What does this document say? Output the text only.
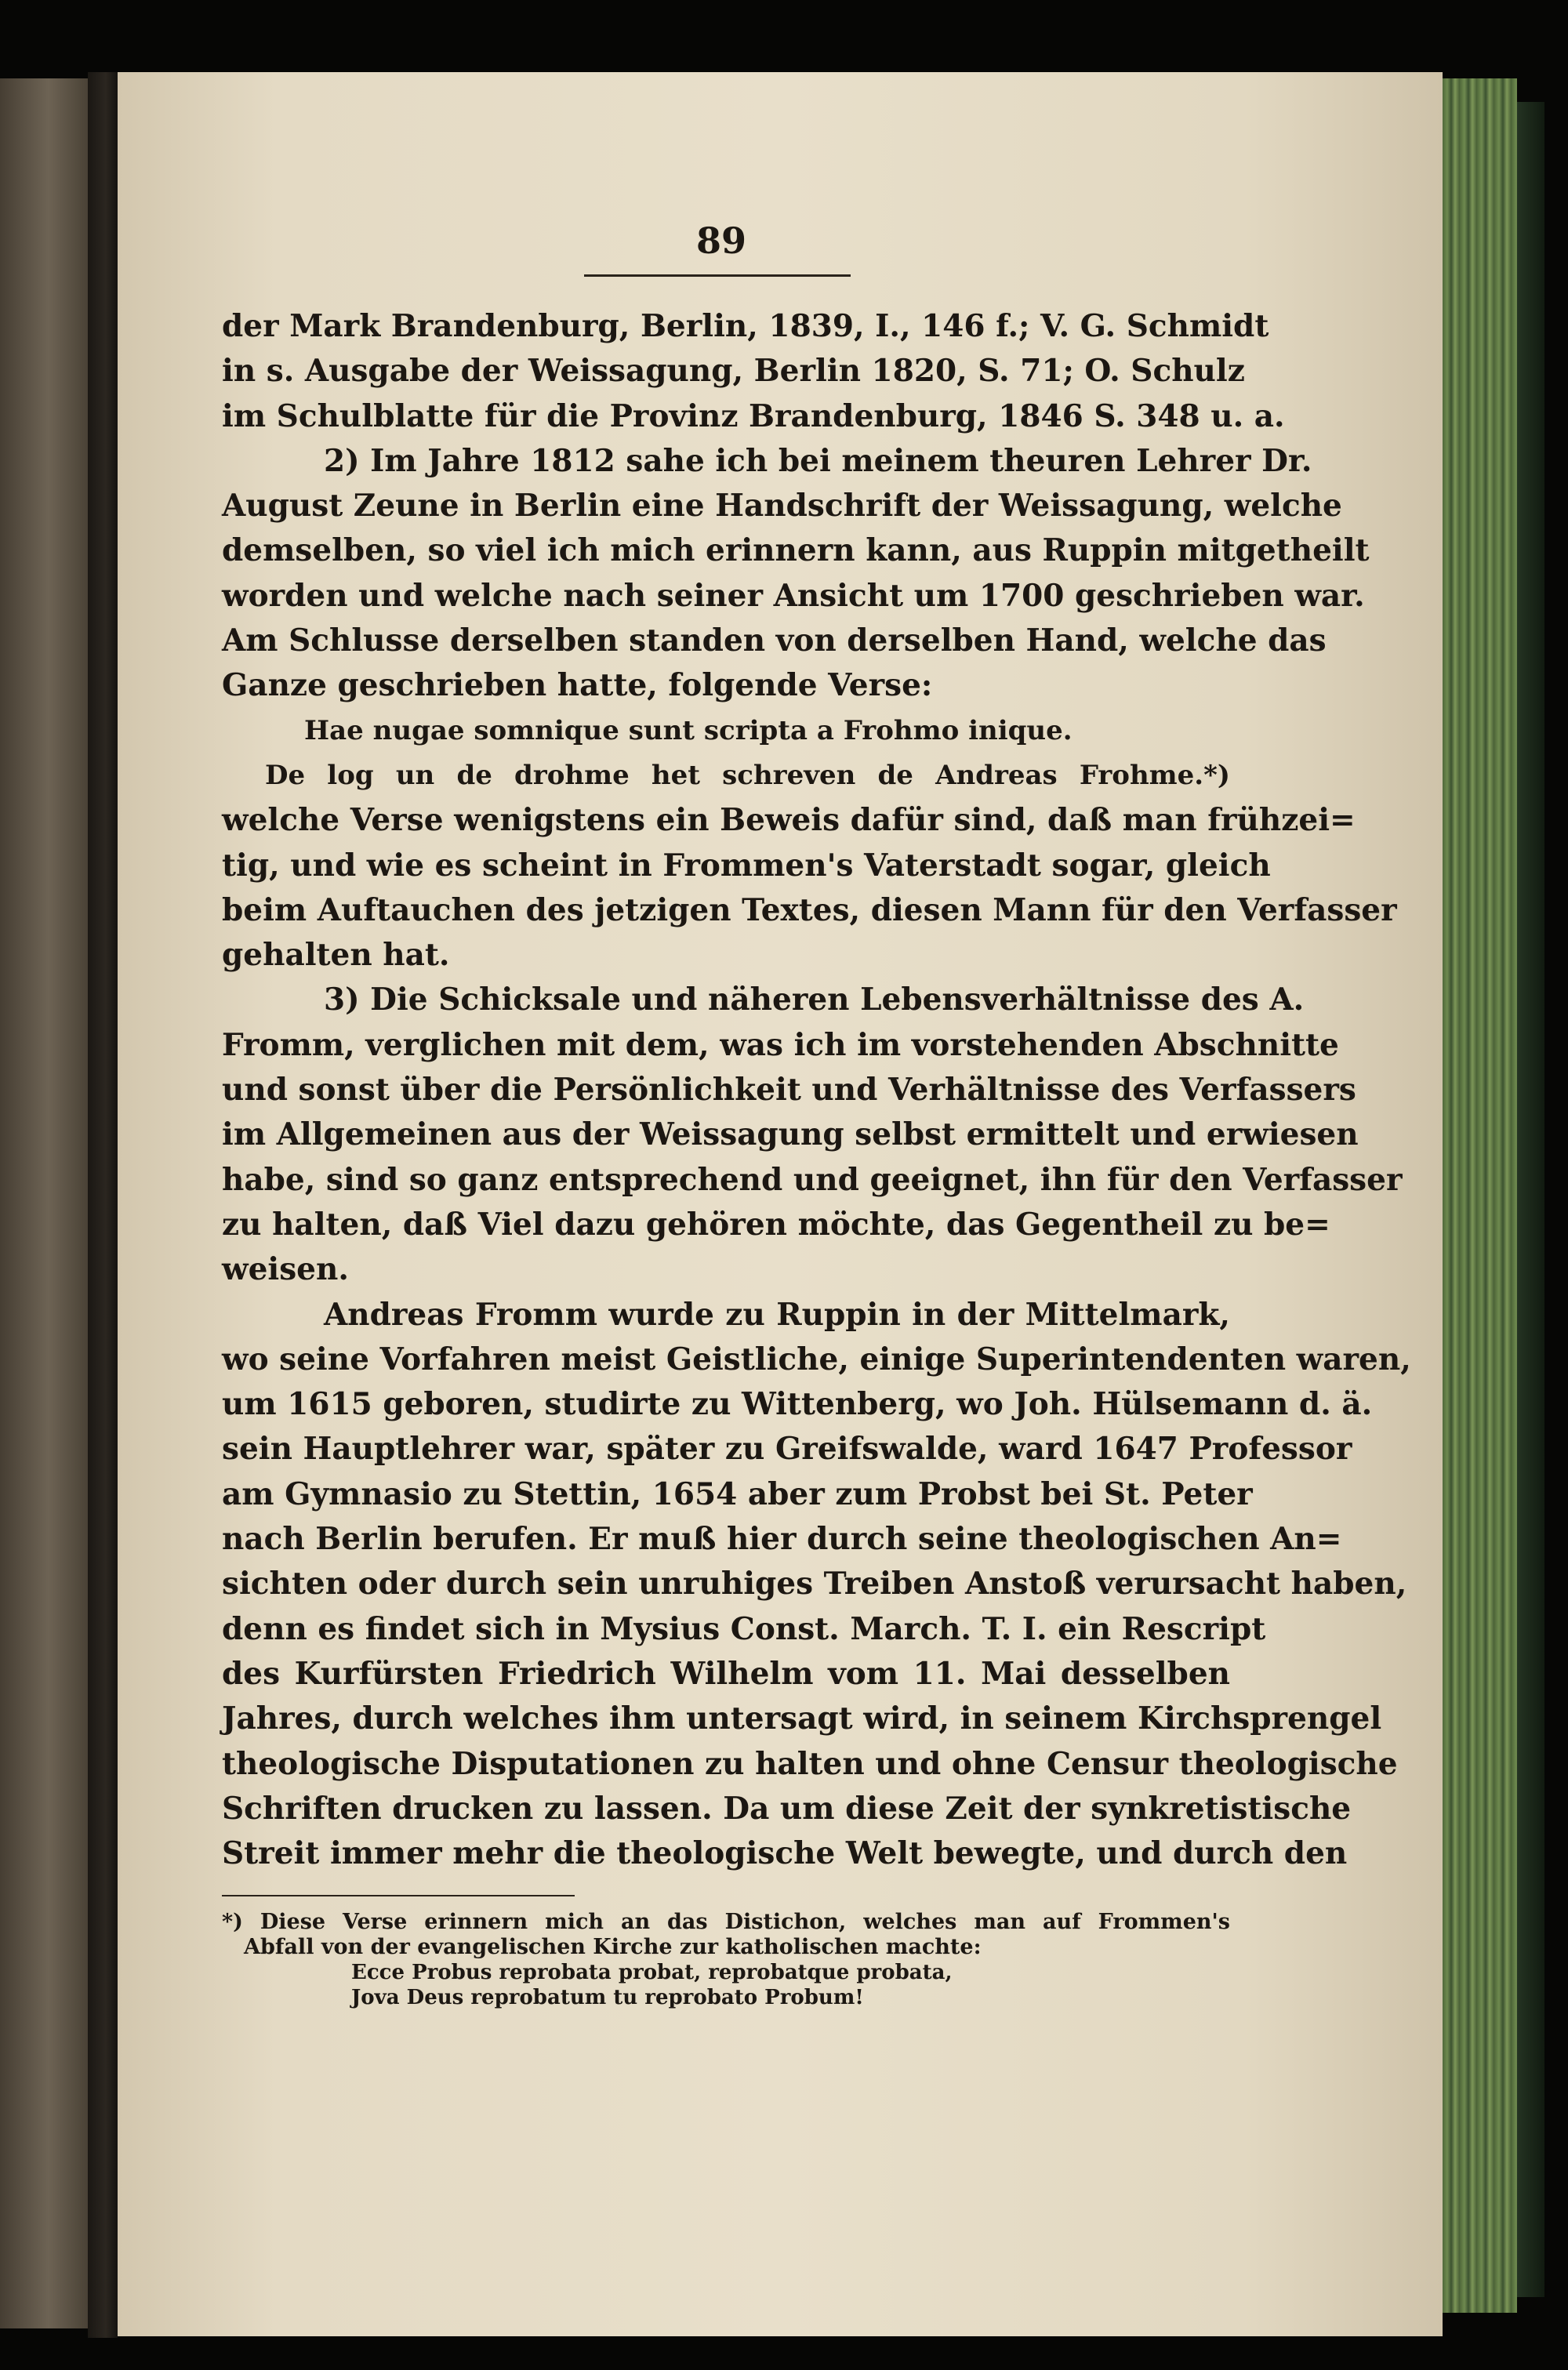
89
der Mark Brandenburg, Berlin, 1839, I., 146 f.; V. G. Schmidt
in s. Ausgabe der Weissagung, Berlin 1820, S. 71; O. Schulz
im Schulblatte für die Provinz Brandenburg, 1846 S. 348 u. a.
2) Im Jahre 1812 sahe ich bei meinem theuren Lehrer Dr.
August Zeune in Berlin eine Handschrift der Weissagung, welche
demselben, so viel ich mich erinnern kann, aus Ruppin mitgetheilt
worden und welche nach seiner Ansicht um 1700 geschrieben war.
Am Schlusse derselben standen von derselben Hand, welche das
Ganze geschrieben hatte, folgende Verse:
Hae nugae somnique sunt scripta a Frohmo inique.
De log un de drohme het schreven de Andreas Frohme.*)
welche Verse wenigstens ein Beweis dafür sind, daß man frühzei=
tig, und wie es scheint in Frommen's Vaterstadt sogar, gleich
beim Auftauchen des jetzigen Textes, diesen Mann für den Verfasser
gehalten hat.
3) Die Schicksale und näheren Lebensverhältnisse des A.
Fromm, verglichen mit dem, was ich im vorstehenden Abschnitte
und sonst über die Persönlichkeit und Verhältnisse des Verfassers
im Allgemeinen aus der Weissagung selbst ermittelt und erwiesen
habe, sind so ganz entsprechend und geeignet, ihn für den Verfasser
zu halten, daß Viel dazu gehören möchte, das Gegentheil zu be=
weisen.
Andreas Fromm wurde zu Ruppin in der Mittelmark,
wo seine Vorfahren meist Geistliche, einige Superintendenten waren,
um 1615 geboren, studirte zu Wittenberg, wo Joh. Hülsemann d. ä.
sein Hauptlehrer war, später zu Greifswalde, ward 1647 Professor
am Gymnasio zu Stettin, 1654 aber zum Probst bei St. Peter
nach Berlin berufen. Er muß hier durch seine theologischen An=
sichten oder durch sein unruhiges Treiben Anstoß verursacht haben,
denn es findet sich in Mysius Const. March. T. I. ein Rescript
des Kurfürsten Friedrich Wilhelm vom 11. Mai desselben
Jahres, durch welches ihm untersagt wird, in seinem Kirchsprengel
theologische Disputationen zu halten und ohne Censur theologische
Schriften drucken zu lassen. Da um diese Zeit der synkretistische
Streit immer mehr die theologische Welt bewegte, und durch den
*) Diese Verse erinnern mich an das Distichon, welches man auf Frommen's
Abfall von der evangelischen Kirche zur katholischen machte:
Ecce Probus reprobata probat, reprobatque probata,
Jova Deus reprobatum tu reprobato Probum!
